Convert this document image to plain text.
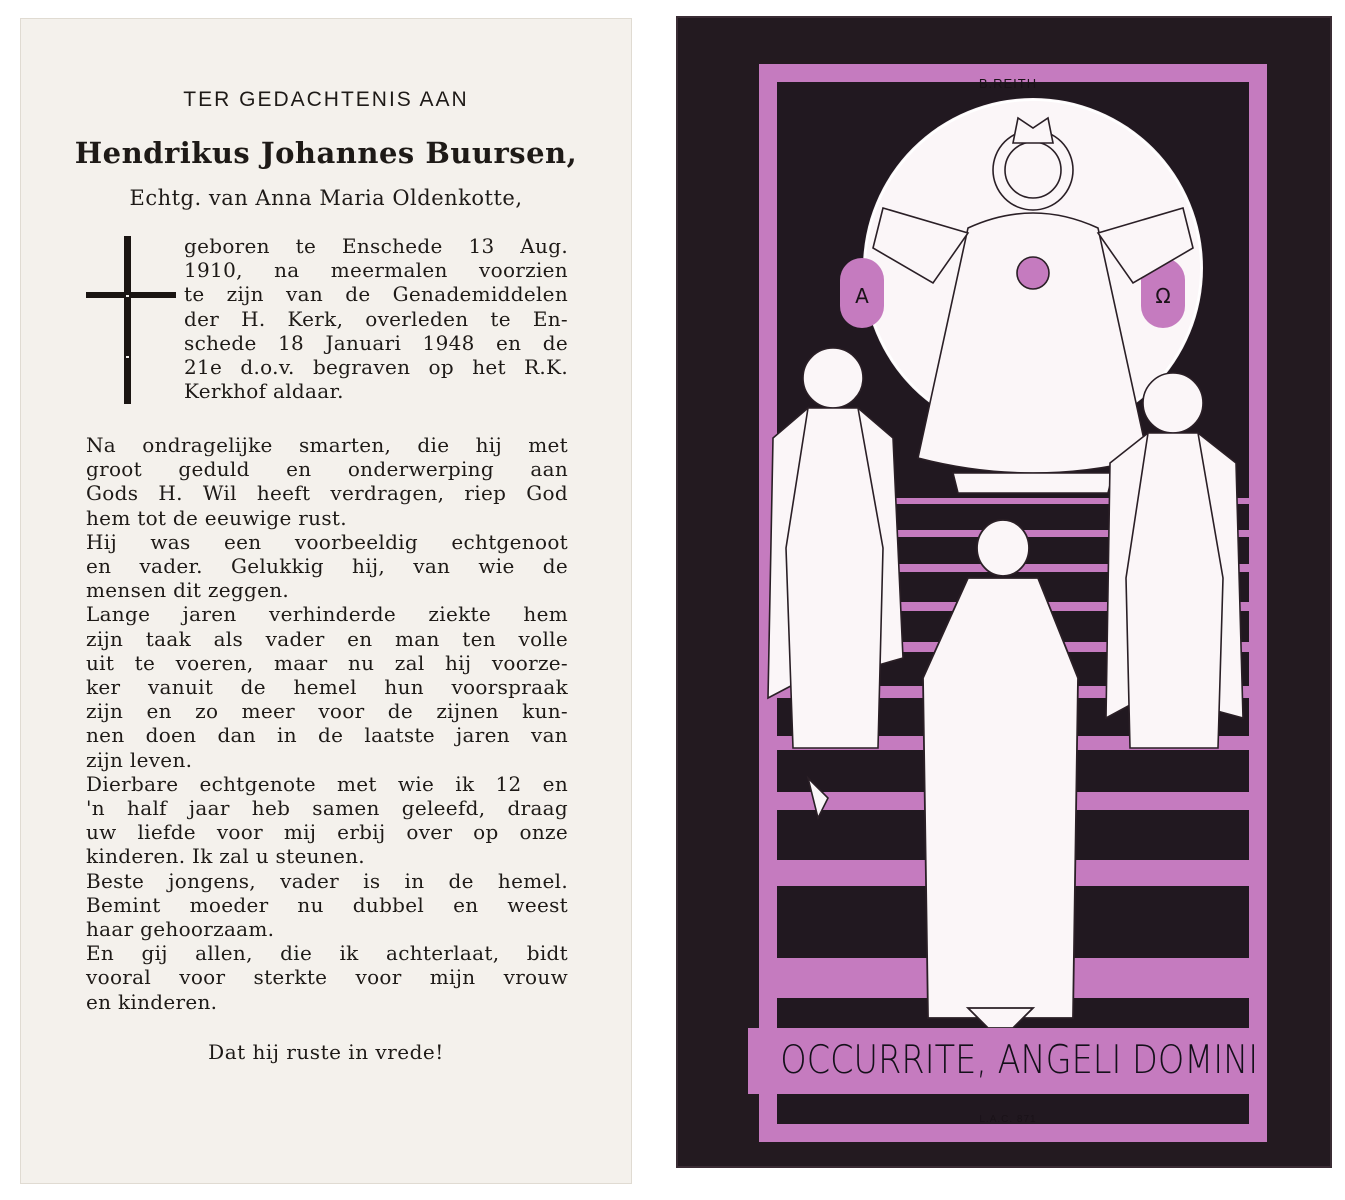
TER GEDACHTENIS AAN
Hendrikus Johannes Buursen,
Echtg. van Anna Maria Oldenkotte,
geboren te Enschede 13 Aug.
1910, na meermalen voorzien
te zijn van de Genademiddelen
der H. Kerk, overleden te En-
schede 18 Januari 1948 en de
21e d.o.v. begraven op het R.K.
Kerkhof aldaar.
Na ondragelijke smarten, die hij met
groot geduld en onderwerping aan
Gods H. Wil heeft verdragen, riep God
hem tot de eeuwige rust.
Hij was een voorbeeldig echtgenoot
en vader. Gelukkig hij, van wie de
mensen dit zeggen.
Lange jaren verhinderde ziekte hem
zijn taak als vader en man ten volle
uit te voeren, maar nu zal hij voorze-
ker vanuit de hemel hun voorspraak
zijn en zo meer voor de zijnen kun-
nen doen dan in de laatste jaren van
zijn leven.
Dierbare echtgenote met wie ik 12 en
'n half jaar heb samen geleefd, draag
uw liefde voor mij erbij over op onze
kinderen. Ik zal u steunen.
Beste jongens, vader is in de hemel.
Bemint moeder nu dubbel en weest
haar gehoorzaam.
En gij allen, die ik achterlaat, bidt
vooral voor sterkte voor mijn vrouw
en kinderen.
Dat hij ruste in vrede!
B.REITH
A	Ω
OCCURRITE, ANGELI DOMINI
L.A.C. 871
